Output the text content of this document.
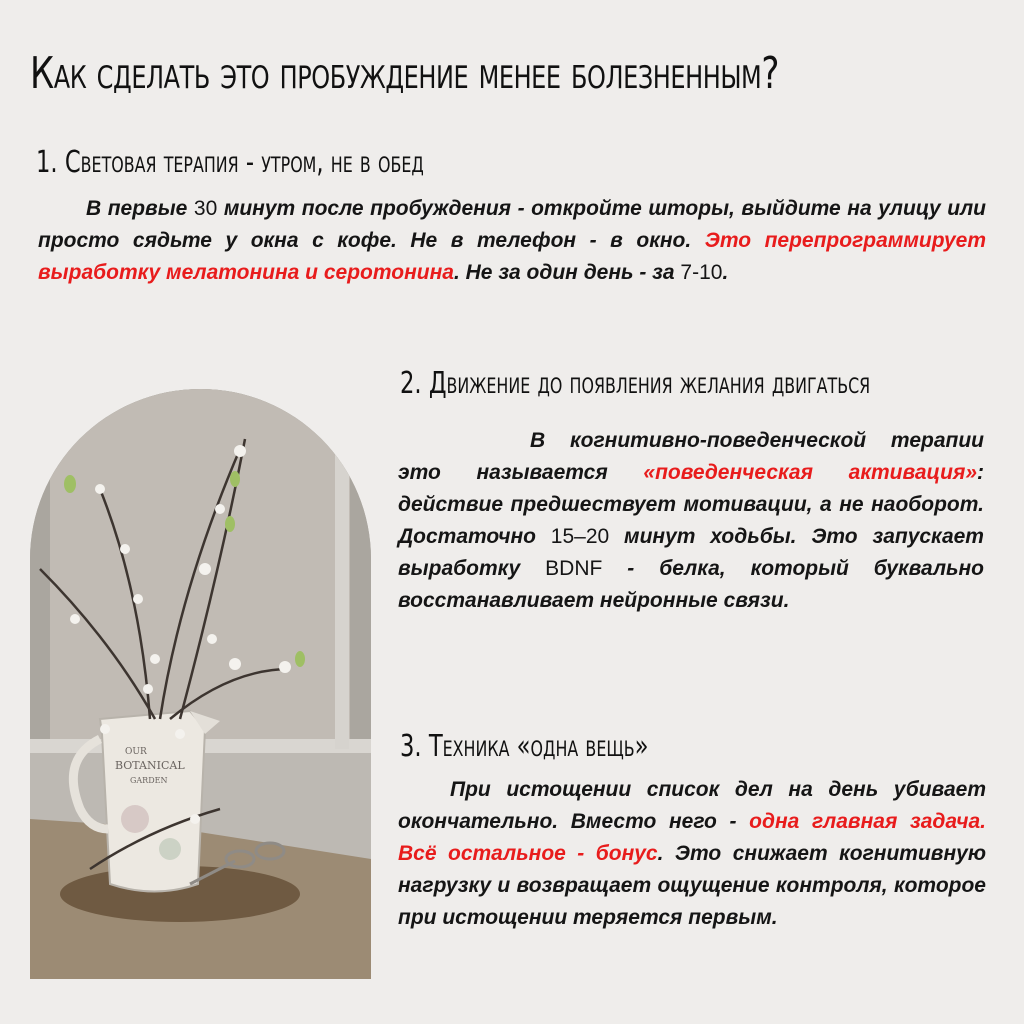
Как сделать это пробуждение менее болезненным?
1. Световая терапия - утром, не в обед
В первые 30 минут после пробуждения - откройте шторы, выйдите на улицу или просто сядьте у окна с кофе. Не в телефон - в окно. Это перепрограммирует выработку мелатонина и серотонина. Не за один день - за 7-10.
OUR
BOTANICAL
GARDEN
2. Движение до появления желания двигаться
В когнитивно-поведенческой терапии это называется «поведенческая активация»: действие предшествует мотивации, а не наоборот. Достаточно 15–20 минут ходьбы. Это запускает выработку BDNF - белка, который буквально восстанавливает нейронные связи.
3. Техника «одна вещь»
При истощении список дел на день убивает окончательно. Вместо него - одна главная задача. Всё остальное - бонус. Это снижает когнитивную нагрузку и возвращает ощущение контроля, которое при истощении теряется первым.
